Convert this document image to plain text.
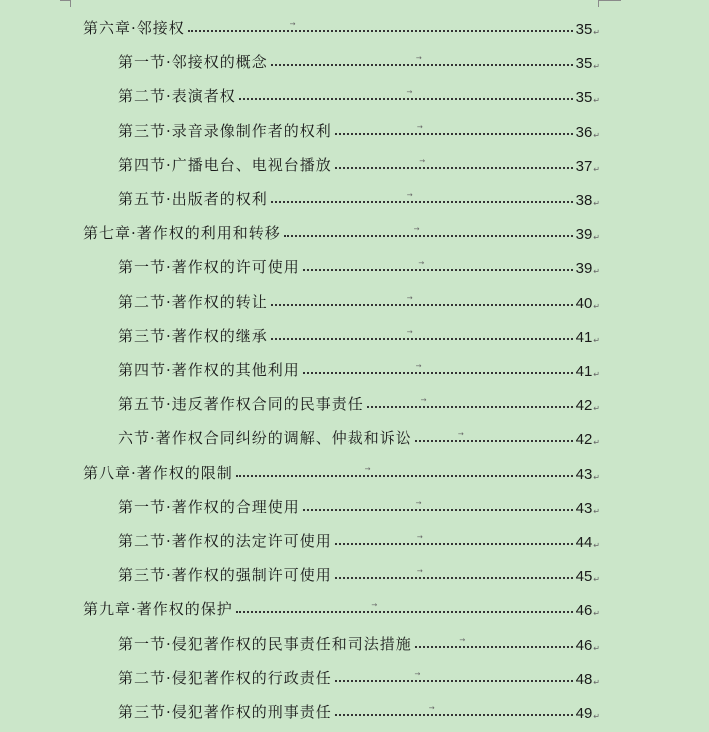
第六章·邻接权	→	35 ↵
第一节·邻接权的概念	→	35 ↵
第二节·表演者权	→	35 ↵
第三节·录音录像制作者的权利	→	36 ↵
第四节·广播电台、电视台播放	→	37 ↵
第五节·出版者的权利	→	38 ↵
第七章·著作权的利用和转移	→	39 ↵
第一节·著作权的许可使用	→	39 ↵
第二节·著作权的转让	→	40 ↵
第三节·著作权的继承	→	41 ↵
第四节·著作权的其他利用	→	41 ↵
第五节·违反著作权合同的民事责任	→	42 ↵
六节·著作权合同纠纷的调解、仲裁和诉讼	→	42 ↵
第八章·著作权的限制	→	43 ↵
第一节·著作权的合理使用	→	43 ↵
第二节·著作权的法定许可使用	→	44 ↵
第三节·著作权的强制许可使用	→	45 ↵
第九章·著作权的保护	→	46 ↵
第一节·侵犯著作权的民事责任和司法措施	→	46 ↵
第二节·侵犯著作权的行政责任	→	48 ↵
第三节·侵犯著作权的刑事责任	→	49 ↵
